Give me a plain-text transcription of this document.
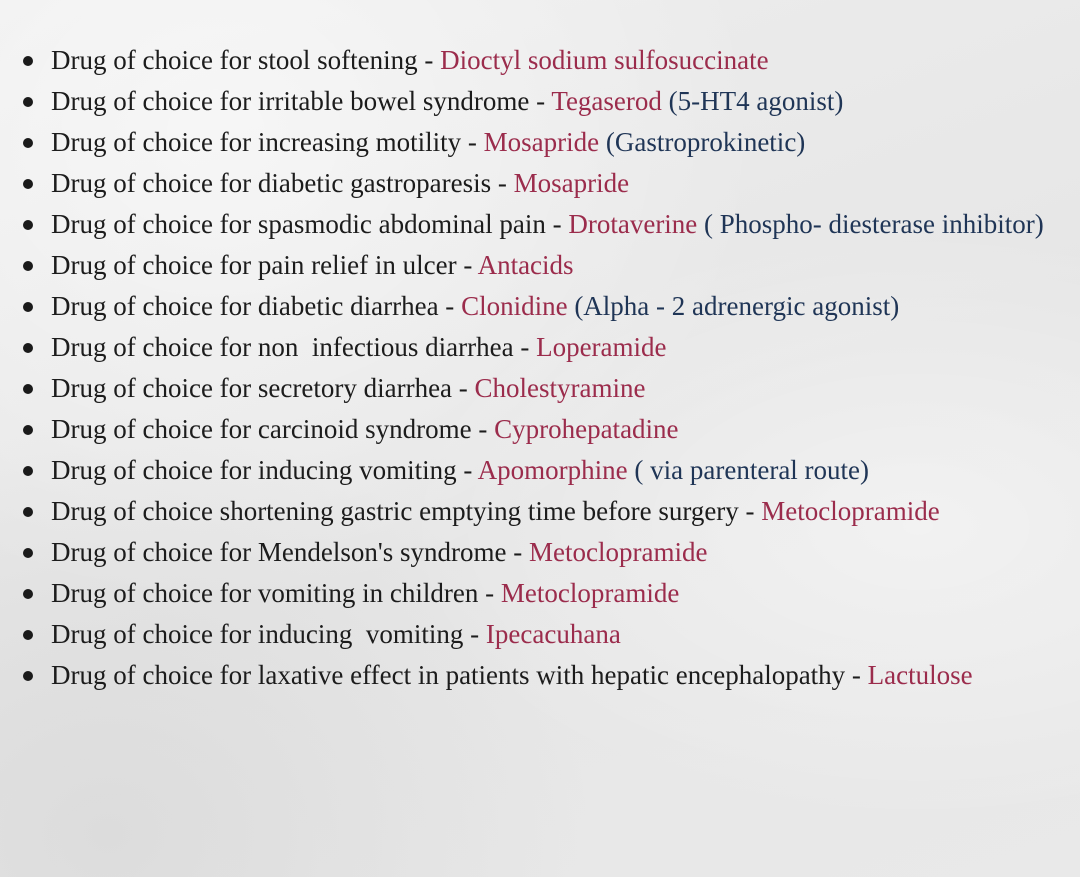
Drug of choice for stool softening - Dioctyl sodium sulfosuccinate
Drug of choice for irritable bowel syndrome - Tegaserod (5-HT4 agonist)
Drug of choice for increasing motility - Mosapride (Gastroprokinetic)
Drug of choice for diabetic gastroparesis - Mosapride
Drug of choice for spasmodic abdominal pain - Drotaverine ( Phospho- diesterase inhibitor)
Drug of choice for pain relief in ulcer - Antacids
Drug of choice for diabetic diarrhea - Clonidine (Alpha - 2 adrenergic agonist)
Drug of choice for non  infectious diarrhea - Loperamide
Drug of choice for secretory diarrhea - Cholestyramine
Drug of choice for carcinoid syndrome - Cyprohepatadine
Drug of choice for inducing vomiting - Apomorphine ( via parenteral route)
Drug of choice shortening gastric emptying time before surgery - Metoclopramide
Drug of choice for Mendelson's syndrome - Metoclopramide
Drug of choice for vomiting in children - Metoclopramide
Drug of choice for inducing  vomiting - Ipecacuhana
Drug of choice for laxative effect in patients with hepatic encephalopathy - Lactulose
